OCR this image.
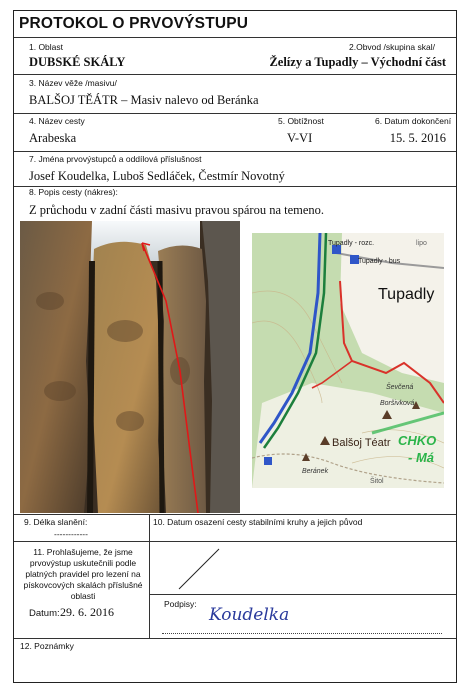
PROTOKOL O PRVOVÝSTUPU
1. Oblast	2.Obvod /skupina skal/
DUBSKÉ SKÁLY	Želízy a Tupadly – Východní část
3. Název věže /masivu/
BALŠOJ TĚÁTR – Masiv nalevo od Beránka
4. Název cesty	5. Obtížnost	6. Datum dokončení
Arabeska	V-VI	15. 5. 2016
7. Jména prvovýstupců a oddílová příslušnost
Josef Koudelka, Luboš Sedláček, Čestmír Novotný
8. Popis cesty (nákres):
Z průchodu v zadní části masivu pravou spárou na temeno.
Tupadly - rozc.
Tupadly - bus
lipo
Tupadly
Ševčená
Boršivková
Balšoj Téatr CHKO
- Má
Beránek
Šitol
9. Délka slanění:
------------
10. Datum osazení cesty stabilními kruhy a jejich původ
11. Prohlašujeme, že jsme prvovýstup uskutečnili podle platných pravidel pro lezení na pískovcových skalách příslušné oblasti
Datum: 29. 6. 2016
Podpisy:
Koudelka
12. Poznámky
